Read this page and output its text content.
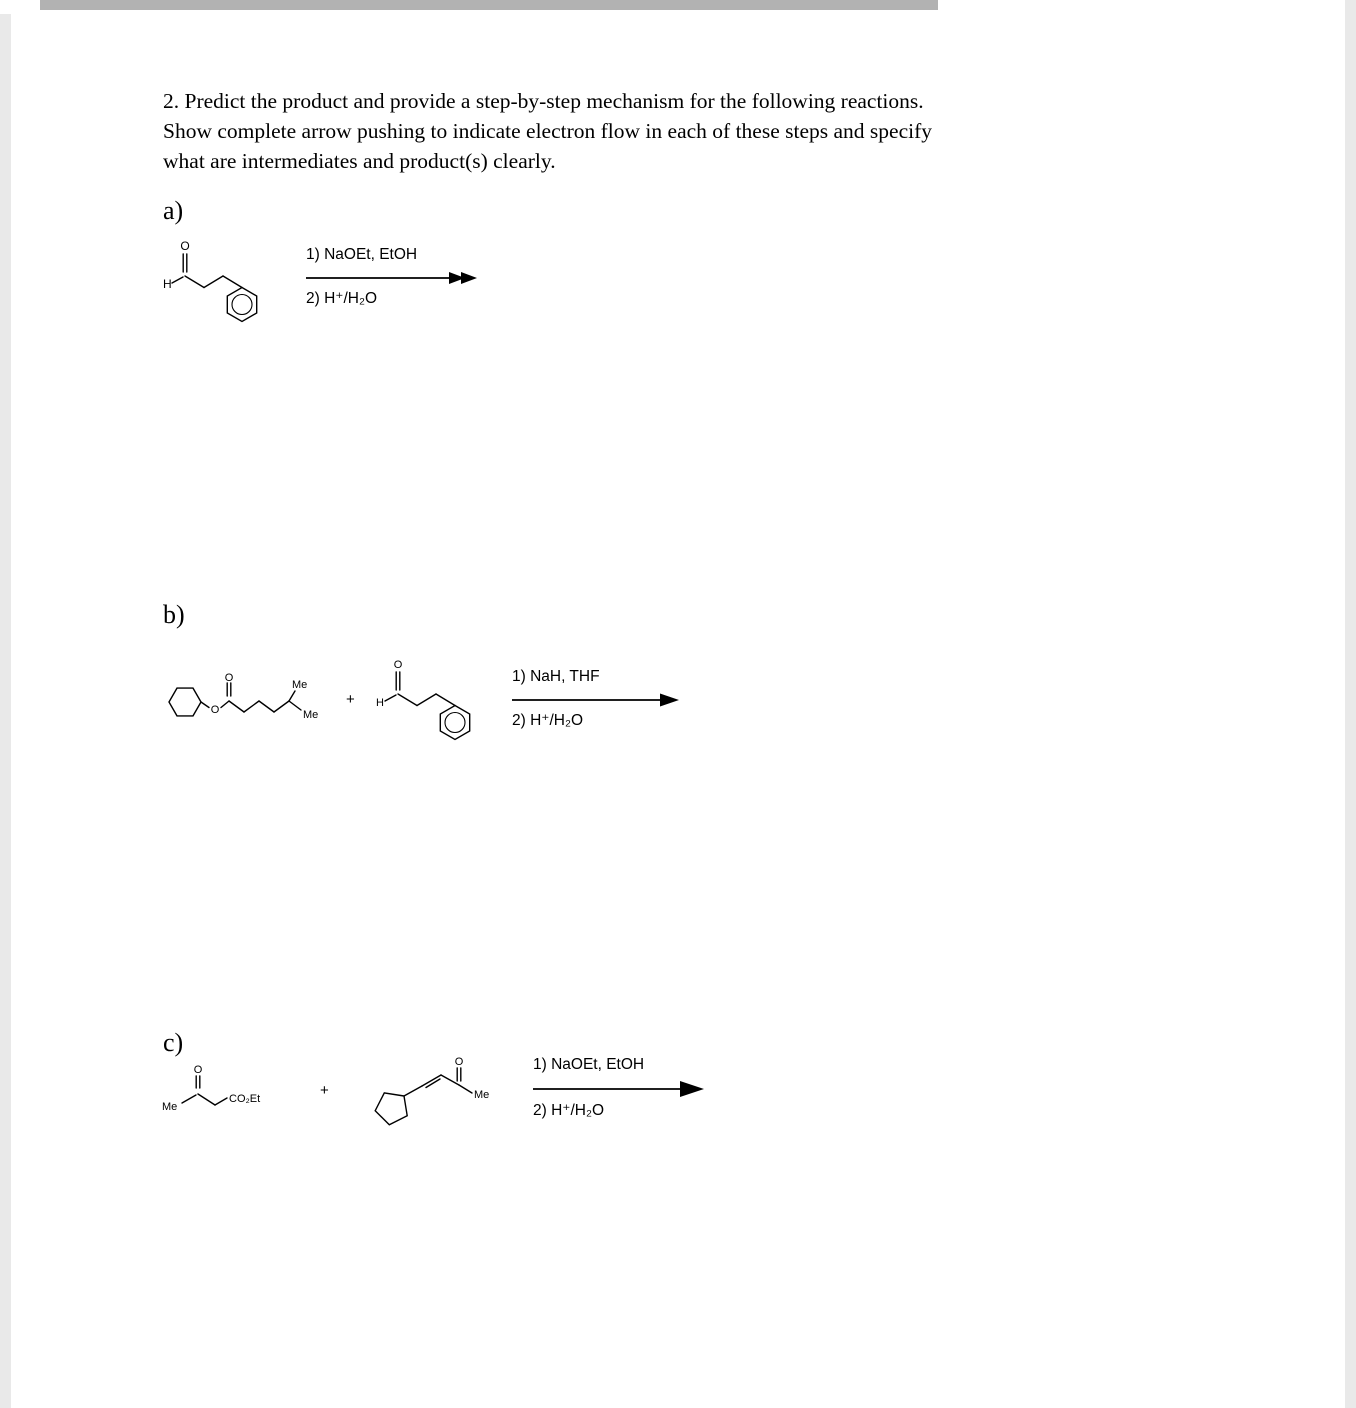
2. Predict the product and provide a step-by-step mechanism for the following reactions.
Show complete arrow pushing to indicate electron flow in each of these steps and specify
what are intermediates and product(s) clearly.
a)
H
O	1) NaOEt, EtOH
2) H⁺/H₂O
b)
O
O
Me
Me
+ H
O
1) NaH, THF
2) H⁺/H₂O
c)
Me
O
CO₂Et	+
O
Me
1) NaOEt, EtOH
2) H⁺/H₂O
